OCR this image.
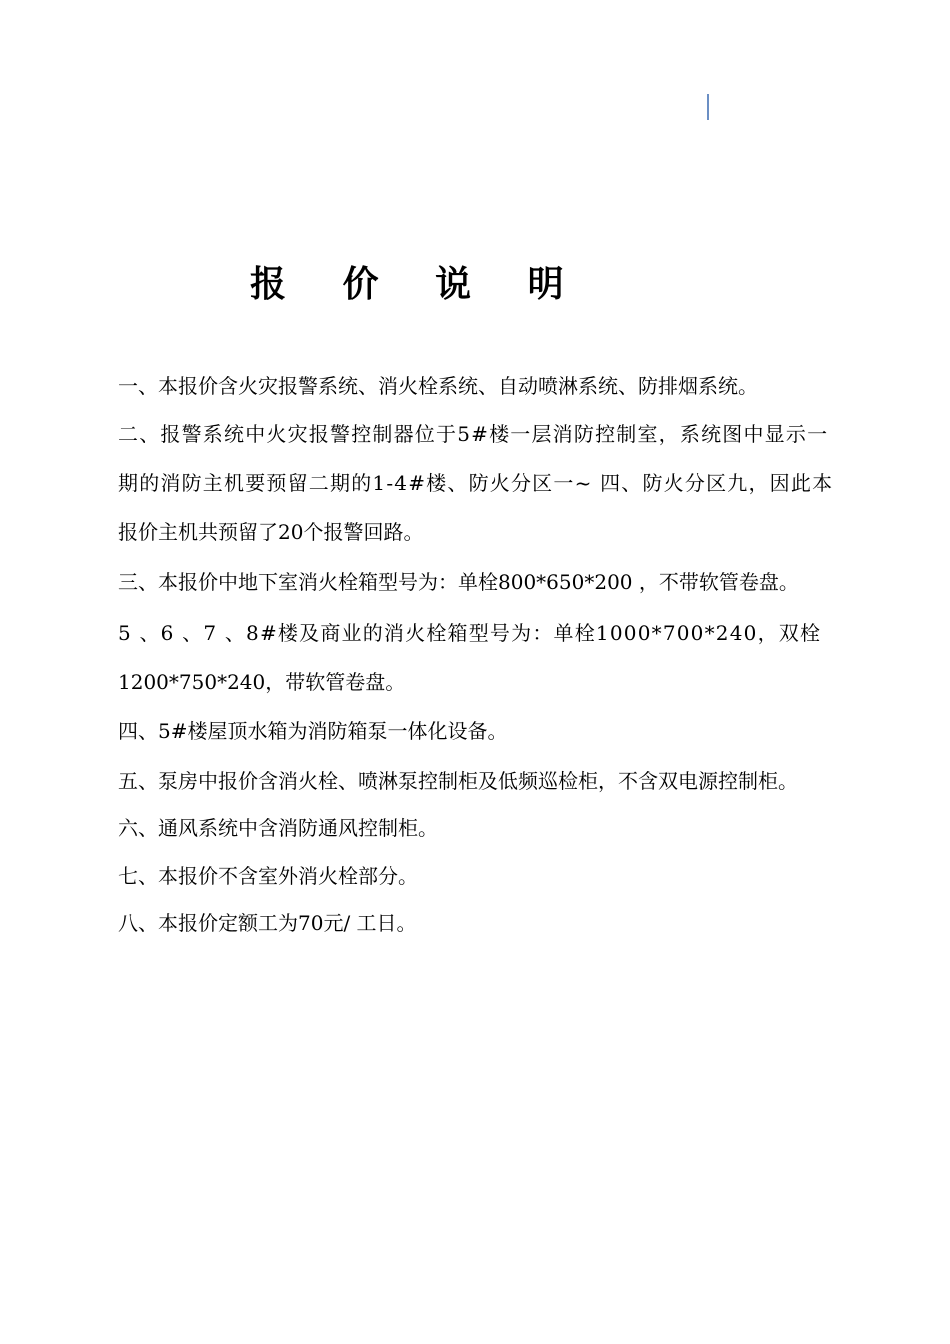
报 价 说 明
一、本报价含火灾报警系统、消火栓系统、自动喷淋系统、防排烟系统。
二、报警系统中火灾报警控制器位于5#楼一层消防控制室，系统图中显示一
期的消防主机要预留二期的1-4#楼、防火分区一~ 四、防火分区九，因此本
报价主机共预留了20个报警回路。
三、本报价中地下室消火栓箱型号为：单栓800*650*200 ，不带软管卷盘。
5 、6 、7 、8#楼及商业的消火栓箱型号为：单栓1000*700*240，双栓
1200*750*240，带软管卷盘。
四、5#楼屋顶水箱为消防箱泵一体化设备。
五、泵房中报价含消火栓、喷淋泵控制柜及低频巡检柜，不含双电源控制柜。
六、通风系统中含消防通风控制柜。
七、本报价不含室外消火栓部分。
八、本报价定额工为70元/ 工日。
